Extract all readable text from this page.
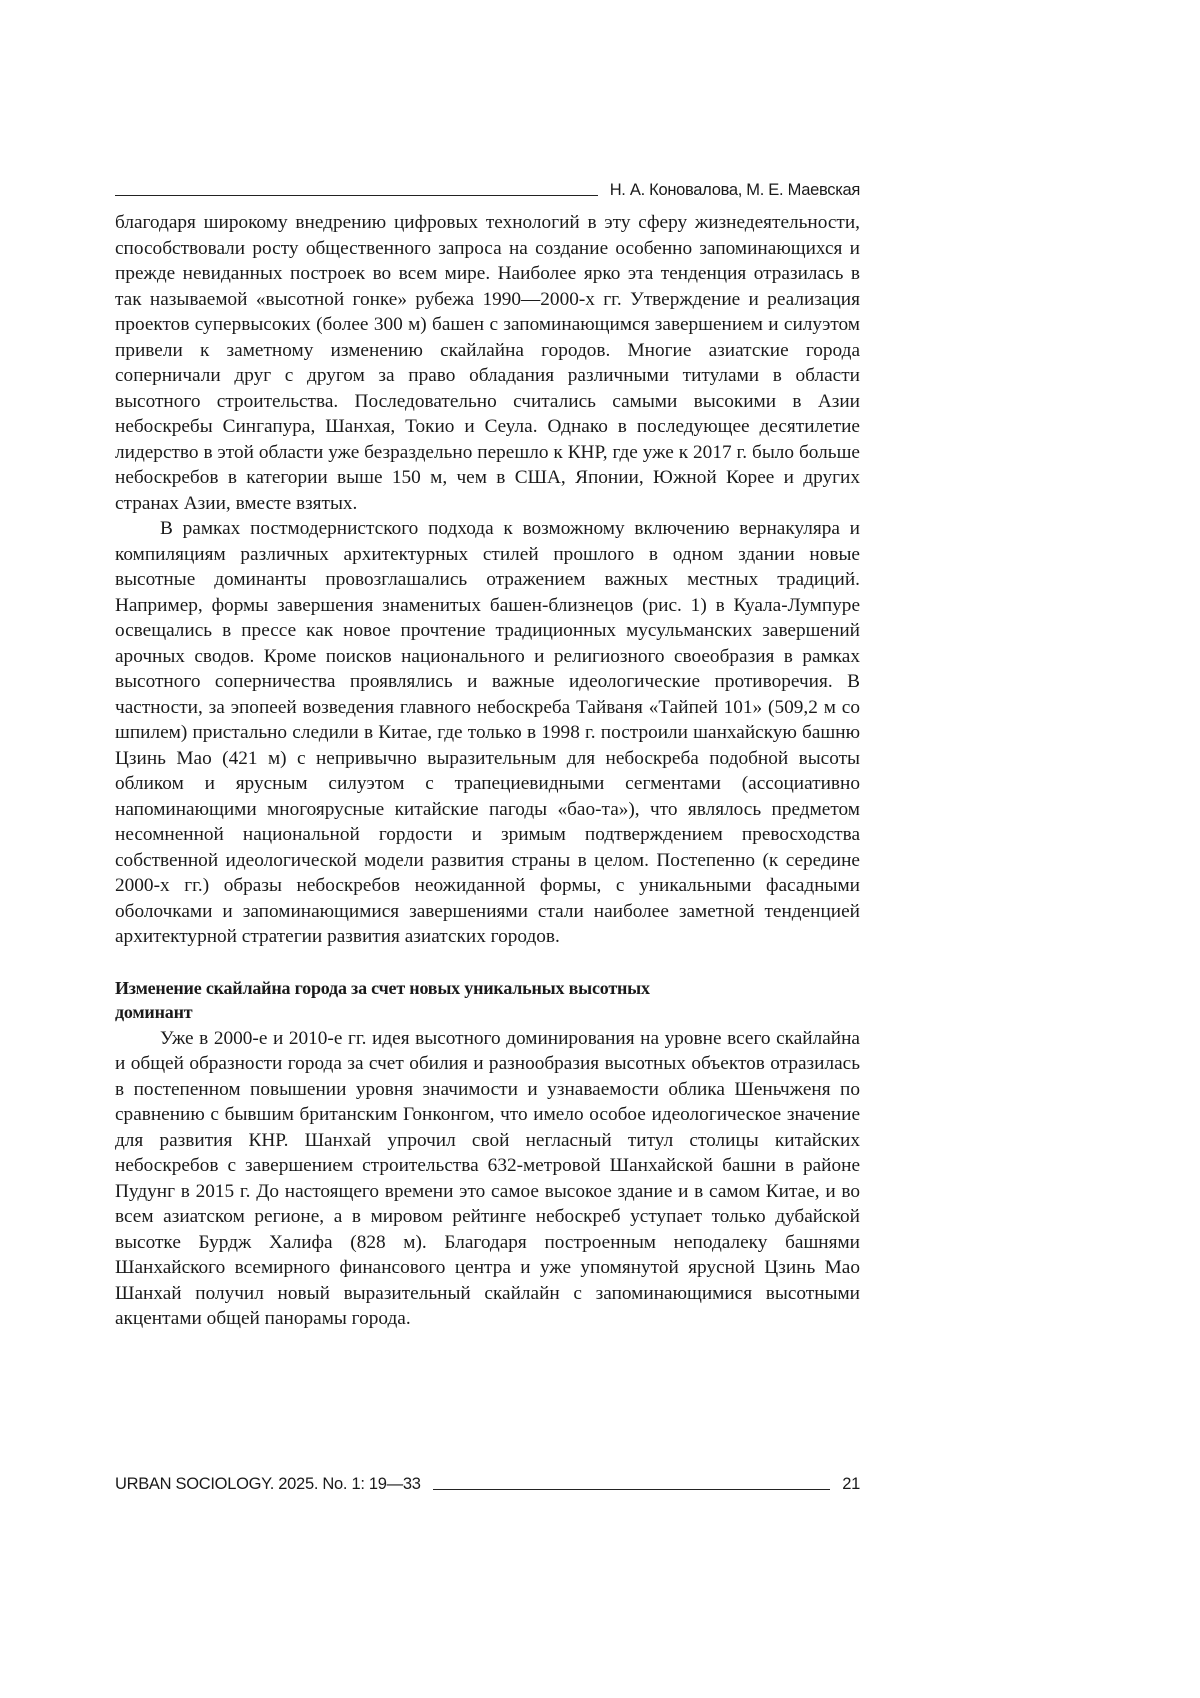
Н. А. Коновалова, М. Е. Маевская

благодаря широкому внедрению цифровых технологий в эту сферу жизнедеятельности, способствовали росту общественного запроса на создание особенно запоминающихся и прежде невиданных построек во всем мире. Наиболее ярко эта тенденция отразилась в так называемой «высотной гонке» рубежа 1990—2000-х гг. Утверждение и реализация проектов супервысоких (более 300 м) башен с запоминающимся завершением и силуэтом привели к заметному изменению скайлайна городов. Многие азиатские города соперничали друг с другом за право обладания различными титулами в области высотного строительства. Последовательно считались самыми высокими в Азии небоскребы Сингапура, Шанхая, Токио и Сеула. Однако в последующее десятилетие лидерство в этой области уже безраздельно перешло к КНР, где уже к 2017 г. было больше небоскребов в категории выше 150 м, чем в США, Японии, Южной Корее и других странах Азии, вместе взятых.

В рамках постмодернистского подхода к возможному включению вернакуляра и компиляциям различных архитектурных стилей прошлого в одном здании новые высотные доминанты провозглашались отражением важных местных традиций. Например, формы завершения знаменитых башен-близнецов (рис. 1) в Куала-Лумпуре освещались в прессе как новое прочтение традиционных мусульманских завершений арочных сводов. Кроме поисков национального и религиозного своеобразия в рамках высотного соперничества проявлялись и важные идеологические противоречия. В частности, за эпопеей возведения главного небоскреба Тайваня «Тайпей 101» (509,2 м со шпилем) пристально следили в Китае, где только в 1998 г. построили шанхайскую башню Цзинь Мао (421 м) с непривычно выразительным для небоскреба подобной высоты обликом и ярусным силуэтом с трапециевидными сегментами (ассоциативно напоминающими многоярусные китайские пагоды «бао-та»), что являлось предметом несомненной национальной гордости и зримым подтверждением превосходства собственной идеологической модели развития страны в целом. Постепенно (к середине 2000-х гг.) образы небоскребов неожиданной формы, с уникальными фасадными оболочками и запоминающимися завершениями стали наиболее заметной тенденцией архитектурной стратегии развития азиатских городов.

Изменение скайлайна города за счет новых уникальных высотных доминант

Уже в 2000-е и 2010-е гг. идея высотного доминирования на уровне всего скайлайна и общей образности города за счет обилия и разнообразия высотных объектов отразилась в постепенном повышении уровня значимости и узнаваемости облика Шеньчженя по сравнению с бывшим британским Гонконгом, что имело особое идеологическое значение для развития КНР. Шанхай упрочил свой негласный титул столицы китайских небоскребов с завершением строительства 632-метровой Шанхайской башни в районе Пудунг в 2015 г. До настоящего времени это самое высокое здание и в самом Китае, и во всем азиатском регионе, а в мировом рейтинге небоскреб уступает только дубайской высотке Бурдж Халифа (828 м). Благодаря построенным неподалеку башнями Шанхайского всемирного финансового центра и уже упомянутой ярусной Цзинь Мао Шанхай получил новый выразительный скайлайн с запоминающимися высотными акцентами общей панорамы города.

URBAN SOCIOLOGY. 2025. No. 1: 19—33	21
